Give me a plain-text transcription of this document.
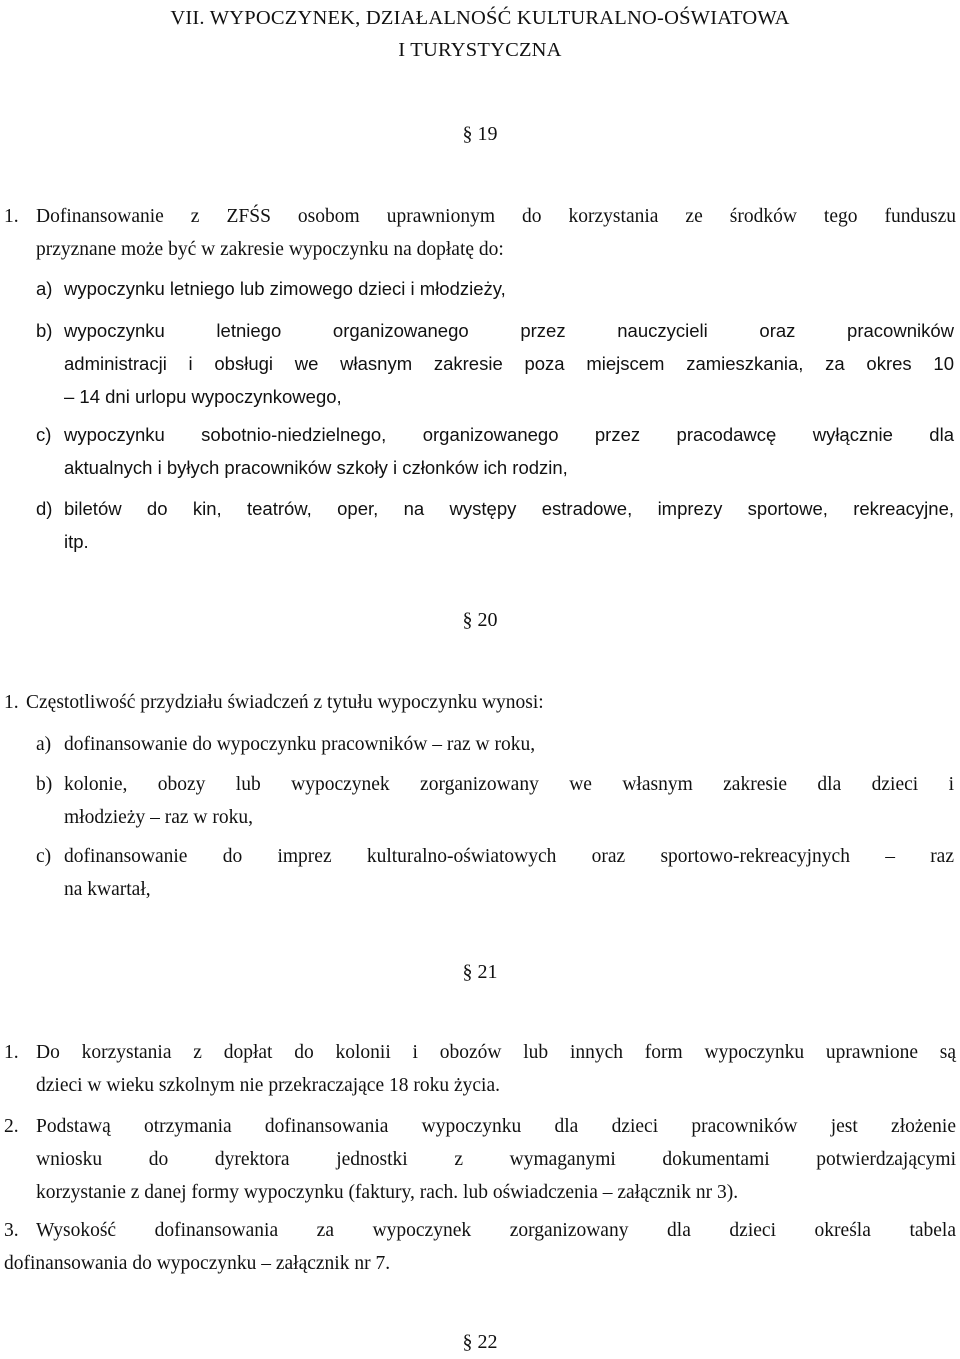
VII. WYPOCZYNEK, DZIAŁALNOŚĆ KULTURALNO-OŚWIATOWA
I TURYSTYCZNA
§ 19
1. Dofinansowanie z ZFŚS osobom uprawnionym do korzystania ze środków tego funduszu
przyznane może być w zakresie wypoczynku na dopłatę do:
a) wypoczynku letniego lub zimowego dzieci i młodzieży,
b) wypoczynku letniego organizowanego przez nauczycieli oraz pracowników
administracji i obsługi we własnym zakresie poza miejscem zamieszkania, za okres 10
– 14 dni urlopu wypoczynkowego,
c) wypoczynku sobotnio-niedzielnego, organizowanego przez pracodawcę wyłącznie dla
aktualnych i byłych pracowników szkoły i członków ich rodzin,
d) biletów do kin, teatrów, oper, na występy estradowe, imprezy sportowe, rekreacyjne,
itp.
§ 20
1. Częstotliwość przydziału świadczeń z tytułu wypoczynku wynosi:
a) dofinansowanie do wypoczynku pracowników – raz w roku,
b) kolonie, obozy lub wypoczynek zorganizowany we własnym zakresie dla dzieci i
młodzieży – raz w roku,
c) dofinansowanie do imprez kulturalno-oświatowych oraz sportowo-rekreacyjnych – raz
na kwartał,
§ 21
1. Do korzystania z dopłat do kolonii i obozów lub innych form wypoczynku uprawnione są
dzieci w wieku szkolnym nie przekraczające 18 roku życia.
2. Podstawą otrzymania dofinansowania wypoczynku dla dzieci pracowników jest złożenie
wniosku do dyrektora jednostki z wymaganymi dokumentami potwierdzającymi
korzystanie z danej formy wypoczynku (faktury, rach. lub oświadczenia – załącznik nr 3).
3. Wysokość dofinansowania za wypoczynek zorganizowany dla dzieci określa tabela
dofinansowania do wypoczynku – załącznik nr 7.
§ 22
